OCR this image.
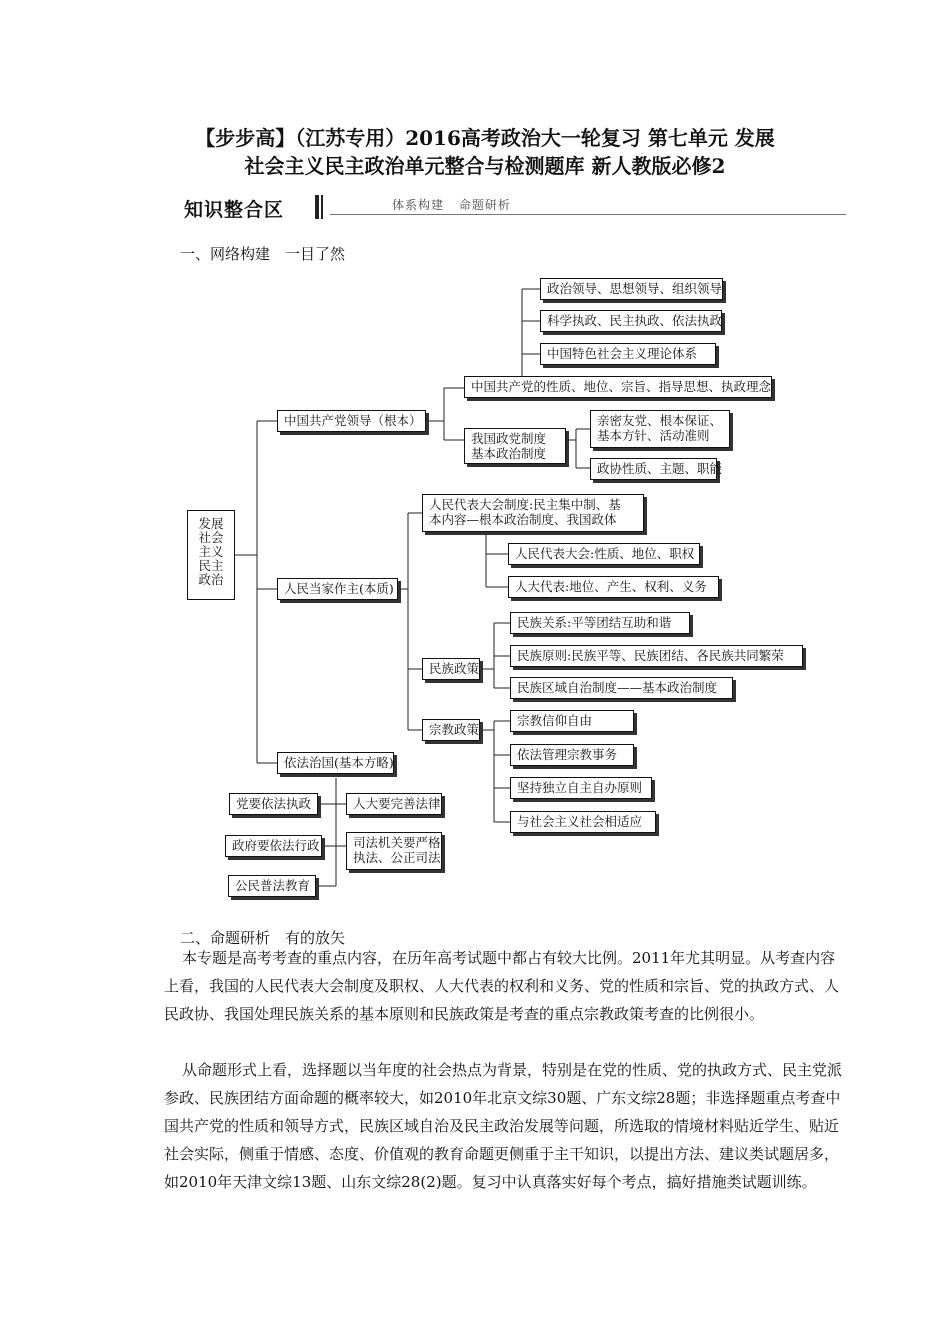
【步步高】（江苏专用）2016高考政治大一轮复习 第七单元 发展
社会主义民主政治单元整合与检测题库 新人教版必修2
知识整合区	体系构建 命题研析
一、网络构建　一目了然
发展
社会
主义
民主
政治
中国共产党领导（根本）
人民当家作主(本质)
依法治国(基本方略)
政治领导、思想领导、组织领导
科学执政、民主执政、依法执政
中国特色社会主义理论体系
中国共产党的性质、地位、宗旨、指导思想、执政理念
我国政党制度
基本政治制度
亲密友党、根本保证、
基本方针、活动准则
政协性质、主题、职能
人民代表大会制度:民主集中制、基
本内容—根本政治制度、我国政体
人民代表大会:性质、地位、职权
人大代表:地位、产生、权利、义务
民族政策
民族关系:平等团结互助和谐
民族原则:民族平等、民族团结、各民族共同繁荣
民族区域自治制度——基本政治制度
宗教政策
宗教信仰自由
依法管理宗教事务
坚持独立自主自办原则
与社会主义社会相适应
党要依法执政
政府要依法行政
公民普法教育
人大要完善法律
司法机关要严格
执法、公正司法
二、命题研析　有的放矢

本专题是高考考查的重点内容，在历年高考试题中都占有较大比例。2011年尤其明显。从考查内容上看，我国的人民代表大会制度及职权、人大代表的权利和义务、党的性质和宗旨、党的执政方式、人民政协、我国处理民族关系的基本原则和民族政策是考查的重点宗教政策考查的比例很小。

从命题形式上看，选择题以当年度的社会热点为背景，特别是在党的性质、党的执政方式、民主党派参政、民族团结方面命题的概率较大，如2010年北京文综30题、广东文综28题；非选择题重点考查中国共产党的性质和领导方式，民族区域自治及民主政治发展等问题，所选取的情境材料贴近学生、贴近社会实际，侧重于情感、态度、价值观的教育命题更侧重于主干知识，以提出方法、建议类试题居多，如2010年天津文综13题、山东文综28(2)题。复习中认真落实好每个考点，搞好措施类试题训练。
